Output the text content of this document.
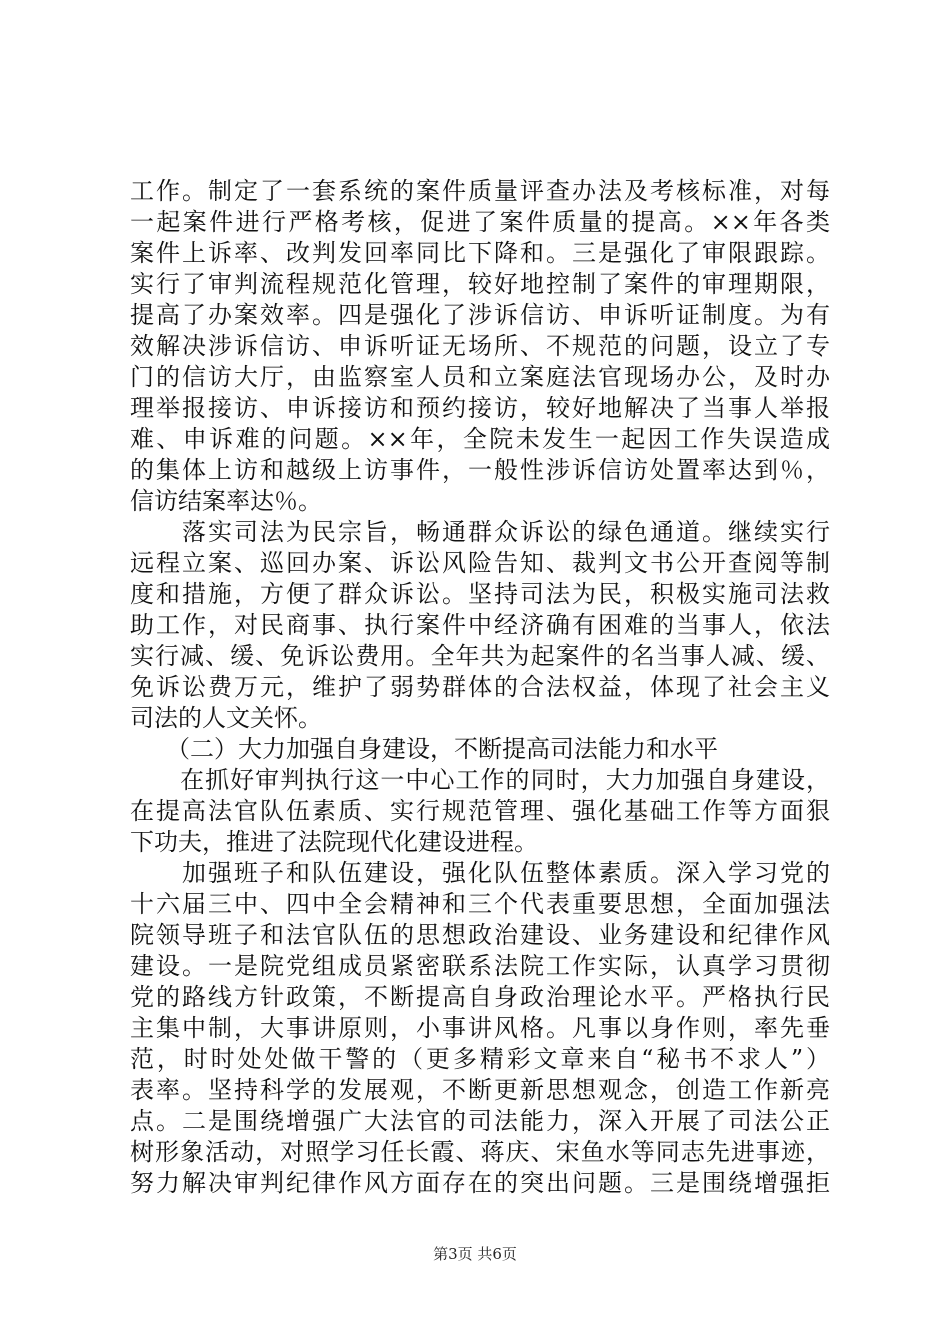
工作。制定了一套系统的案件质量评查办法及考核标准，对每
一起案件进行严格考核，促进了案件质量的提高。××年各类
案件上诉率、改判发回率同比下降和。三是强化了审限跟踪。
实行了审判流程规范化管理，较好地控制了案件的审理期限，
提高了办案效率。四是强化了涉诉信访、申诉听证制度。为有
效解决涉诉信访、申诉听证无场所、不规范的问题，设立了专
门的信访大厅，由监察室人员和立案庭法官现场办公，及时办
理举报接访、申诉接访和预约接访，较好地解决了当事人举报
难、申诉难的问题。××年，全院未发生一起因工作失误造成
的集体上访和越级上访事件，一般性涉诉信访处置率达到％，
信访结案率达％。
　　落实司法为民宗旨，畅通群众诉讼的绿色通道。继续实行
远程立案、巡回办案、诉讼风险告知、裁判文书公开查阅等制
度和措施，方便了群众诉讼。坚持司法为民，积极实施司法救
助工作，对民商事、执行案件中经济确有困难的当事人，依法
实行减、缓、免诉讼费用。全年共为起案件的名当事人减、缓、
免诉讼费万元，维护了弱势群体的合法权益，体现了社会主义
司法的人文关怀。
　　（二）大力加强自身建设，不断提高司法能力和水平
　　在抓好审判执行这一中心工作的同时，大力加强自身建设，
在提高法官队伍素质、实行规范管理、强化基础工作等方面狠
下功夫，推进了法院现代化建设进程。
　　加强班子和队伍建设，强化队伍整体素质。深入学习党的
十六届三中、四中全会精神和三个代表重要思想，全面加强法
院领导班子和法官队伍的思想政治建设、业务建设和纪律作风
建设。一是院党组成员紧密联系法院工作实际，认真学习贯彻
党的路线方针政策，不断提高自身政治理论水平。严格执行民
主集中制，大事讲原则，小事讲风格。凡事以身作则，率先垂
范，时时处处做干警的（更多精彩文章来自“秘书不求人”）
表率。坚持科学的发展观，不断更新思想观念，创造工作新亮
点。二是围绕增强广大法官的司法能力，深入开展了司法公正
树形象活动，对照学习任长霞、蒋庆、宋鱼水等同志先进事迹，
努力解决审判纪律作风方面存在的突出问题。三是围绕增强拒
第3页 共6页
